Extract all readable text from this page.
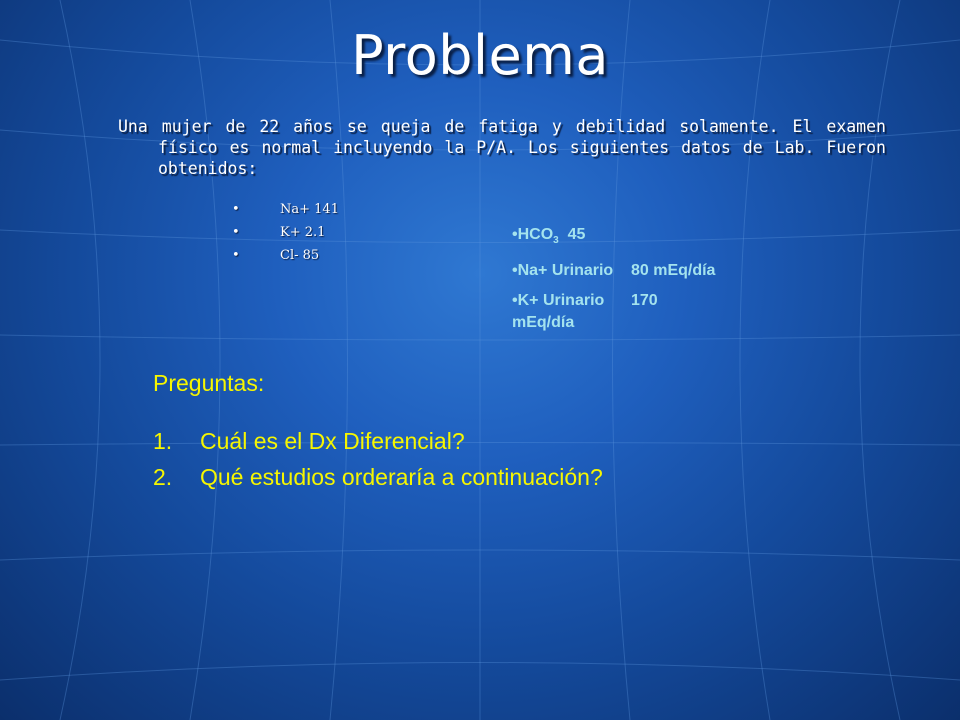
Problema
Una mujer de 22 años se queja de fatiga y debilidad solamente. El examen físico es normal incluyendo la P/A. Los siguientes datos de Lab. Fueron obtenidos:
•	Na+ 141
•	K+ 2.1
•	Cl- 85
$•HCO_3$  45
•Na+ Urinario    80 mEq/día
•K+ Urinario      170 mEq/día
Preguntas:
1. Cuál es el Dx Diferencial?
2. Qué estudios orderaría a continuación?
